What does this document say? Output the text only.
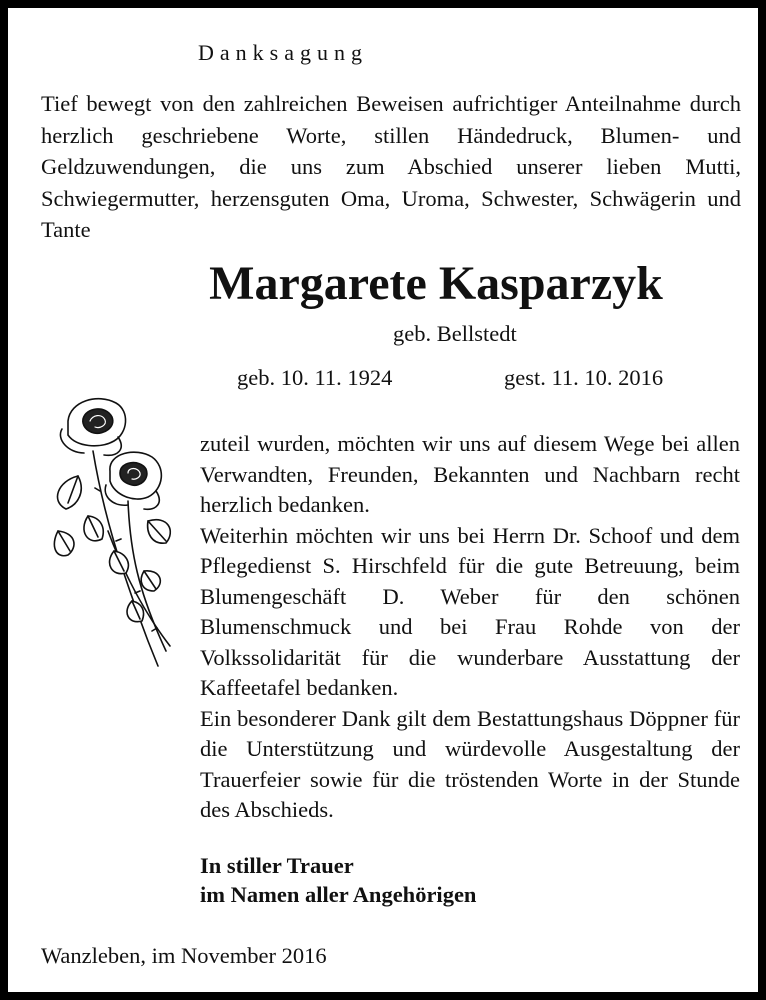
Danksagung

Tief bewegt von den zahlreichen Beweisen aufrichtiger Anteilnahme durch herzlich geschriebene Worte, stillen Händedruck, Blumen- und Geldzuwendungen, die uns zum Abschied unserer lieben Mutti, Schwiegermutter, herzensguten Oma, Uroma, Schwester, Schwägerin und Tante

Margarete Kasparzyk

geb. Bellstedt

geb. 10. 11. 1924	gest. 11. 10. 2016

zuteil wurden, möchten wir uns auf diesem Wege bei allen Verwandten, Freunden, Bekannten und Nachbarn recht herzlich bedanken.

Weiterhin möchten wir uns bei Herrn Dr. Schoof und dem Pflegedienst S. Hirschfeld für die gute Betreuung, beim Blumengeschäft D. Weber für den schönen Blumenschmuck und bei Frau Rohde von der Volkssolidarität für die wunderbare Ausstattung der Kaffeetafel bedanken.

Ein besonderer Dank gilt dem Bestattungshaus Döppner für die Unterstützung und würdevolle Ausgestaltung der Trauerfeier sowie für die tröstenden Worte in der Stunde des Abschieds.

In stiller Trauer
im Namen aller Angehörigen

Wanzleben, im November 2016
